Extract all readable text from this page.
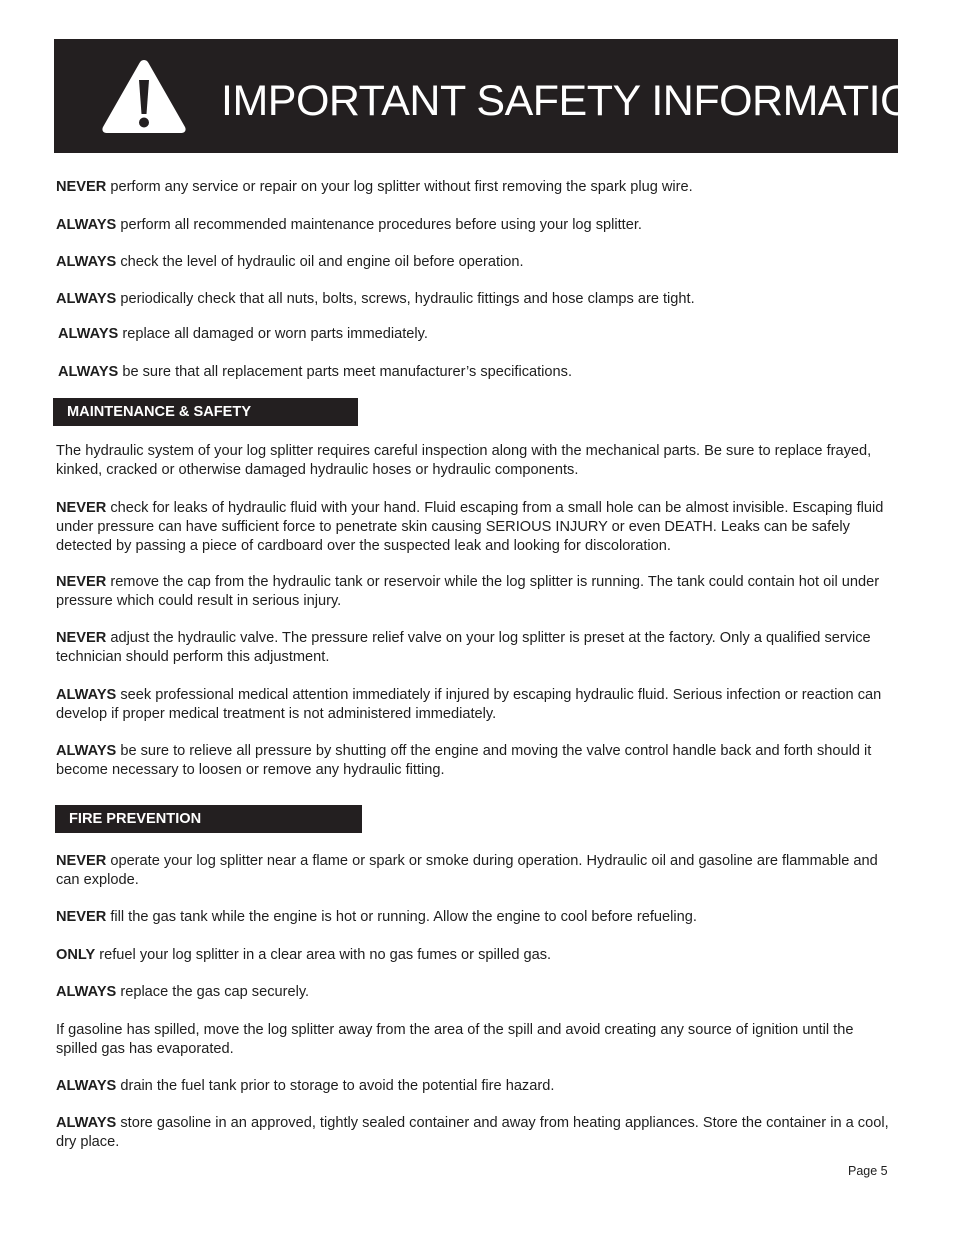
IMPORTANT SAFETY INFORMATION

NEVER perform any service or repair on your log splitter without first removing the spark plug wire.

ALWAYS perform all recommended maintenance procedures before using your log splitter.

ALWAYS check the level of hydraulic oil and engine oil before operation.

ALWAYS periodically check that all nuts, bolts, screws, hydraulic fittings and hose clamps are tight.

ALWAYS replace all damaged or worn parts immediately.

ALWAYS be sure that all replacement parts meet manufacturer’s specifications.

MAINTENANCE & SAFETY

The hydraulic system of your log splitter requires careful inspection along with the mechanical parts. Be sure to replace frayed, kinked, cracked or otherwise damaged hydraulic hoses or hydraulic components.

NEVER check for leaks of hydraulic fluid with your hand. Fluid escaping from a small hole can be almost invisible. Escaping fluid under pressure can have sufficient force to penetrate skin causing SERIOUS INJURY or even DEATH. Leaks can be safely detected by passing a piece of cardboard over the suspected leak and looking for discoloration.

NEVER remove the cap from the hydraulic tank or reservoir while the log splitter is running. The tank could contain hot oil under pressure which could result in serious injury.

NEVER adjust the hydraulic valve. The pressure relief valve on your log splitter is preset at the factory. Only a qualified service technician should perform this adjustment.

ALWAYS seek professional medical attention immediately if injured by escaping hydraulic fluid. Serious infection or reaction can develop if proper medical treatment is not administered immediately.

ALWAYS be sure to relieve all pressure by shutting off the engine and moving the valve control handle back and forth should it become necessary to loosen or remove any hydraulic fitting.

FIRE PREVENTION

NEVER operate your log splitter near a flame or spark or smoke during operation. Hydraulic oil and gasoline are flammable and can explode.

NEVER fill the gas tank while the engine is hot or running. Allow the engine to cool before refueling.

ONLY refuel your log splitter in a clear area with no gas fumes or spilled gas.

ALWAYS replace the gas cap securely.

If gasoline has spilled, move the log splitter away from the area of the spill and avoid creating any source of ignition until the spilled gas has evaporated.

ALWAYS drain the fuel tank prior to storage to avoid the potential fire hazard.

ALWAYS store gasoline in an approved, tightly sealed container and away from heating appliances. Store the container in a cool, dry place.

Page 5
